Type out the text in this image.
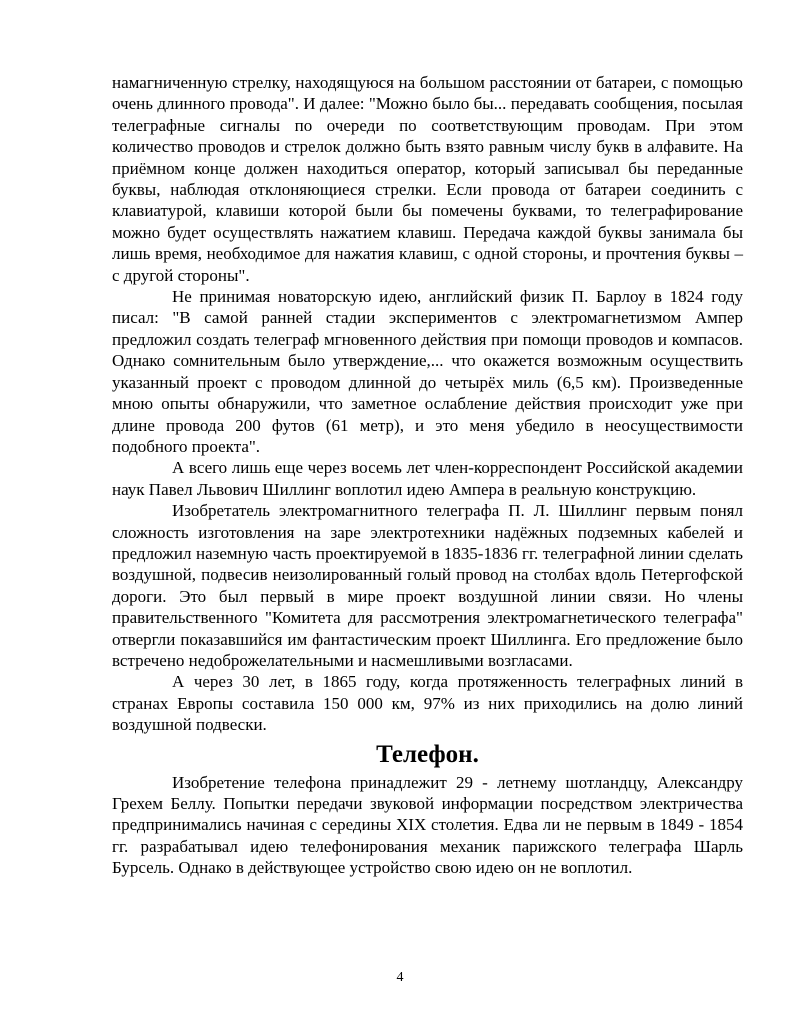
намагниченную стрелку, находящуюся на большом расстоянии от батареи, с помощью очень длинного провода". И далее: "Можно было бы... передавать сообщения, посылая телеграфные сигналы по очереди по соответствующим проводам. При этом количество проводов и стрелок должно быть взято равным числу букв в алфавите. На приёмном конце должен находиться оператор, который записывал бы переданные буквы, наблюдая отклоняющиеся стрелки. Если провода от батареи соединить с клавиатурой, клавиши которой были бы помечены буквами, то телеграфирование можно будет осуществлять нажатием клавиш. Передача каждой буквы занимала бы лишь время, необходимое для нажатия клавиш, с одной стороны, и прочтения буквы – с другой стороны".

Не принимая новаторскую идею, английский физик П. Барлоу в 1824 году писал: "В самой ранней стадии экспериментов с электромагнетизмом Ампер предложил создать телеграф мгновенного действия при помощи проводов и компасов. Однако сомнительным было утверждение,... что окажется возможным осуществить указанный проект с проводом длинной до четырёх миль (6,5 км). Произведенные мною опыты обнаружили, что заметное ослабление действия происходит уже при длине провода 200 футов (61 метр), и это меня убедило в неосуществимости подобного проекта".

А всего лишь еще через восемь лет член-корреспондент Российской академии наук Павел Львович Шиллинг воплотил идею Ампера в реальную конструкцию.

Изобретатель электромагнитного телеграфа П. Л. Шиллинг первым понял сложность изготовления на заре электротехники надёжных подземных кабелей и предложил наземную часть проектируемой в 1835-1836 гг. телеграфной линии сделать воздушной, подвесив неизолированный голый провод на столбах вдоль Петергофской дороги. Это был первый в мире проект воздушной линии связи. Но члены правительственного "Комитета для рассмотрения электромагнетического телеграфа" отвергли показавшийся им фантастическим проект Шиллинга. Его предложение было встречено недоброжелательными и насмешливыми возгласами.

А через 30 лет, в 1865 году, когда протяженность телеграфных линий в странах Европы составила 150 000 км, 97% из них приходились на долю линий воздушной подвески.

Телефон.

Изобретение телефона принадлежит 29 - летнему шотландцу, Александру Грехем Беллу. Попытки передачи звуковой информации посредством электричества предпринимались начиная с середины XIX столетия. Едва ли не первым в 1849 - 1854 гг. разрабатывал идею телефонирования механик парижского телеграфа Шарль Бурсель. Однако в действующее устройство свою идею он не воплотил.

4
